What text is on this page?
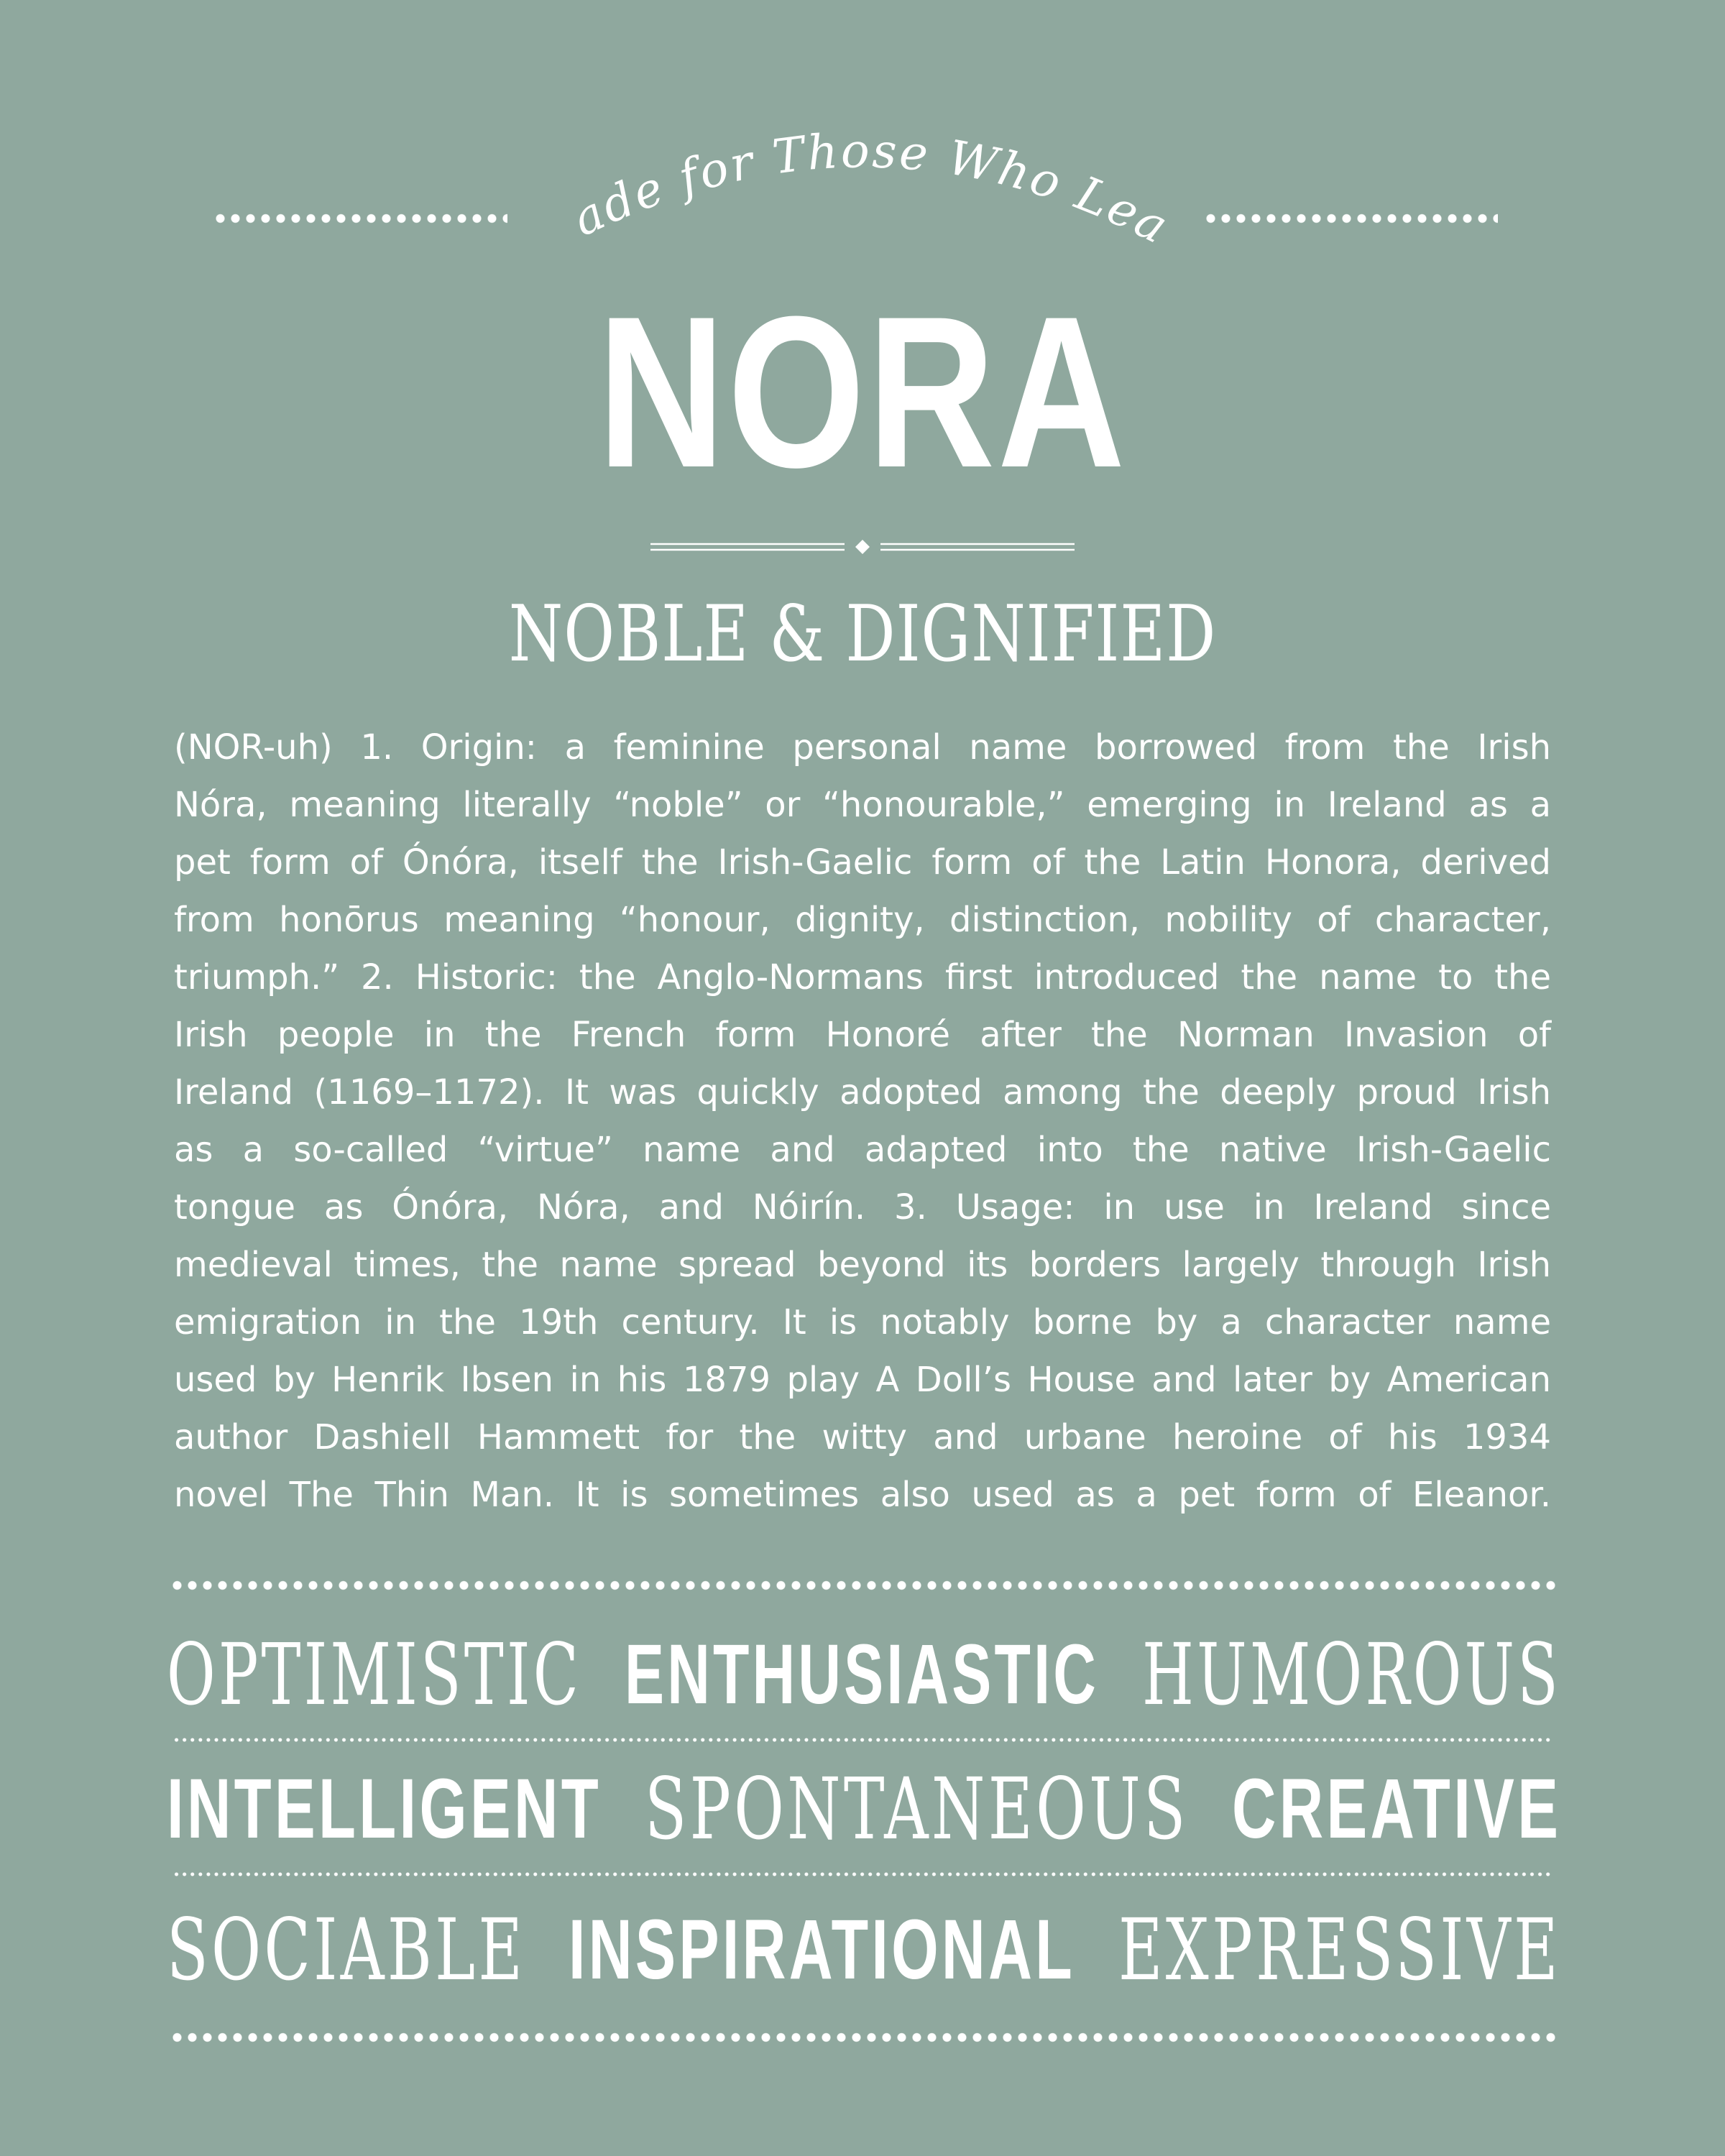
ade for Those Who Lea
NORA
NOBLE & DIGNIFIED
(NOR-uh) 1. Origin: a feminine personal name borrowed from the Irish
Nóra, meaning literally “noble” or “honourable,” emerging in Ireland as a
pet form of Ónóra, itself the Irish-Gaelic form of the Latin Honora, derived
from honōrus meaning “honour, dignity, distinction, nobility of character,
triumph.” 2. Historic: the Anglo-Normans first introduced the name to the
Irish people in the French form Honoré after the Norman Invasion of
Ireland (1169–1172). It was quickly adopted among the deeply proud Irish
as a so-called “virtue” name and adapted into the native Irish-Gaelic
tongue as Ónóra, Nóra, and Nóirín. 3. Usage: in use in Ireland since
medieval times, the name spread beyond its borders largely through Irish
emigration in the 19th century. It is notably borne by a character name
used by Henrik Ibsen in his 1879 play A Doll’s House and later by American
author Dashiell Hammett for the witty and urbane heroine of his 1934
novel The Thin Man. It is sometimes also used as a pet form of Eleanor.
OPTIMISTIC ENTHUSIASTIC HUMOROUS
INTELLIGENT SPONTANEOUS CREATIVE
SOCIABLE INSPIRATIONAL EXPRESSIVE
